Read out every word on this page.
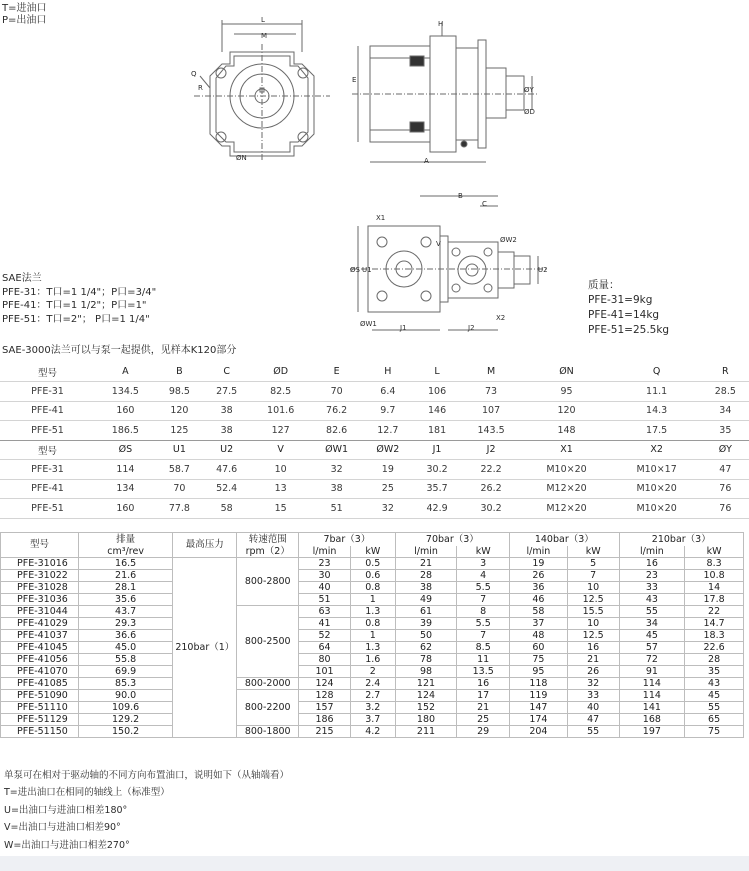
T=进油口
P=出油口	L
M
Q
R
ØN
E
A
H
ØD
ØY
B
C
ØS U1	U2
J1	J2
X1
X2
V
ØW1
ØW2
SAE法兰
PFE-31：T口=1 1/4"；P口=3/4"
PFE-41：T口=1 1/2"；P口=1"
PFE-51：T口=2"； P口=1 1/4"
质量：
PFE-31=9kg
PFE-41=14kg
PFE-51=25.5kg
SAE-3000法兰可以与泵一起提供，见样本K120部分
型号	A	B	C	ØD	E	H	L	M	ØN	Q	R
PFE-31	134.5	98.5	27.5	82.5	70	6.4	106	73	95	11.1	28.5
PFE-41	160	120	38	101.6	76.2	9.7	146	107	120	14.3	34
PFE-51	186.5	125	38	127	82.6	12.7	181	143.5	148	17.5	35
型号	ØS	U1	U2	V	ØW1	ØW2	J1	J2	X1	X2	ØY
PFE-31	114	58.7	47.6	10	32	19	30.2	22.2	M10×20	M10×17	47
PFE-41	134	70	52.4	13	38	25	35.7	26.2	M12×20	M10×20	76
PFE-51	160	77.8	58	15	51	32	42.9	30.2	M12×20	M10×20	76
型号	排量	最高压力	转速范围	7bar（3）		70bar（3）		140bar（3）		210bar（3）	
	cm³/rev		rpm（2）	l/min	kW	l/min	kW	l/min	kW	l/min	kW
PFE-31016	16.5	210bar（1）	800-2800	23	0.5	21	3	19	5	16	8.3
PFE-31022	21.6			30	0.6	28	4	26	7	23	10.8
PFE-31028	28.1			40	0.8	38	5.5	36	10	33	14
PFE-31036	35.6			51	1	49	7	46	12.5	43	17.8
PFE-31044	43.7		800-2500	63	1.3	61	8	58	15.5	55	22
PFE-41029	29.3			41	0.8	39	5.5	37	10	34	14.7
PFE-41037	36.6			52	1	50	7	48	12.5	45	18.3
PFE-41045	45.0			64	1.3	62	8.5	60	16	57	22.6
PFE-41056	55.8			80	1.6	78	11	75	21	72	28
PFE-41070	69.9			101	2	98	13.5	95	26	91	35
PFE-41085	85.3		800-2000	124	2.4	121	16	118	32	114	43
PFE-51090	90.0		800-2200	128	2.7	124	17	119	33	114	45
PFE-51110	109.6			157	3.2	152	21	147	40	141	55
PFE-51129	129.2			186	3.7	180	25	174	47	168	65
PFE-51150	150.2		800-1800	215	4.2	211	29	204	55	197	75
单泵可在相对于驱动轴的不同方向布置油口，说明如下（从轴端看）
T=进出油口在相同的轴线上（标准型）
U=出油口与进油口相差180°
V=出油口与进油口相差90°
W=出油口与进油口相差270°
